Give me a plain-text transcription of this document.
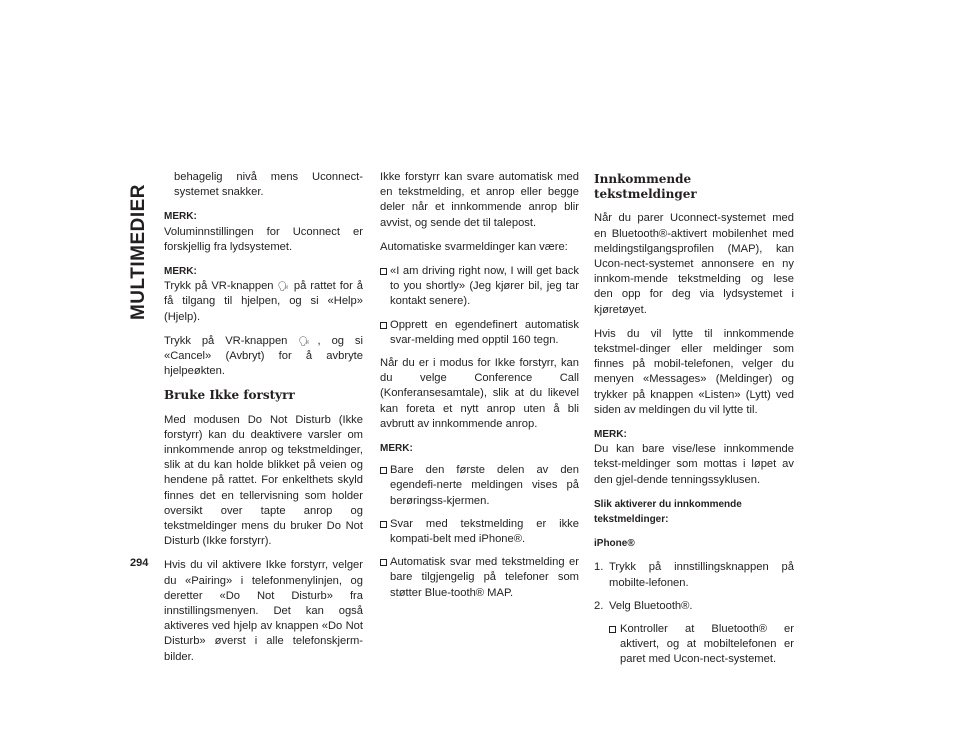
MULTIMEDIER
294

behagelig nivå mens Uconnect-systemet snakker.

MERK:

Voluminnstillingen for Uconnect er forskjellig fra lydsystemet.

MERK:

Trykk på VR-knappen 🗣 på rattet for å få tilgang til hjelpen, og si «Help» (Hjelp).

Trykk på VR-knappen 🗣, og si «Cancel» (Avbryt) for å avbryte hjelpeøkten.

Bruke Ikke forstyrr

Med modusen Do Not Disturb (Ikke forstyrr) kan du deaktivere varsler om innkommende anrop og tekstmeldinger, slik at du kan holde blikket på veien og hendene på rattet. For enkelthets skyld finnes det en tellervisning som holder oversikt over tapte anrop og tekstmeldinger mens du bruker Do Not Disturb (Ikke forstyrr).

Hvis du vil aktivere Ikke forstyrr, velger du «Pairing» i telefonmenylinjen, og deretter «Do Not Disturb» fra innstillingsmenyen. Det kan også aktiveres ved hjelp av knappen «Do Not Disturb» øverst i alle telefonskjerm-bilder.

Ikke forstyrr kan svare automatisk med en tekstmelding, et anrop eller begge deler når et innkommende anrop blir avvist, og sende det til talepost.

Automatiske svarmeldinger kan være:

«I am driving right now, I will get back to you shortly» (Jeg kjører bil, jeg tar kontakt senere).
Opprett en egendefinert automatisk svar-melding med opptil 160 tegn.

Når du er i modus for Ikke forstyrr, kan du velge Conference Call (Konferansesamtale), slik at du likevel kan foreta et nytt anrop uten å bli avbrutt av innkommende anrop.

MERK:
Bare den første delen av den egendefi-nerte meldingen vises på berøringss-kjermen.
Svar med tekstmelding er ikke kompati-belt med iPhone®.
Automatisk svar med tekstmelding er bare tilgjengelig på telefoner som støtter Blue-tooth® MAP.
Innkommende tekstmeldinger

Når du parer Uconnect-systemet med en Bluetooth®-aktivert mobilenhet med meldingstilgangsprofilen (MAP), kan Ucon-nect-systemet annonsere en ny innkom-mende tekstmelding og lese den opp for deg via lydsystemet i kjøretøyet.

Hvis du vil lytte til innkommende tekstmel-dinger eller meldinger som finnes på mobil-telefonen, velger du menyen «Messages» (Meldinger) og trykker på knappen «Listen» (Lytt) ved siden av meldingen du vil lytte til.

MERK:

Du kan bare vise/lese innkommende tekst-meldinger som mottas i løpet av den gjel-dende tenningssyklusen.

Slik aktiverer du innkommende tekstmeldinger:
iPhone®
1. Trykk på innstillingsknappen på mobilte-lefonen.
2. Velg Bluetooth®.
Kontroller at Bluetooth® er aktivert, og at mobiltelefonen er paret med Ucon-nect-systemet.
